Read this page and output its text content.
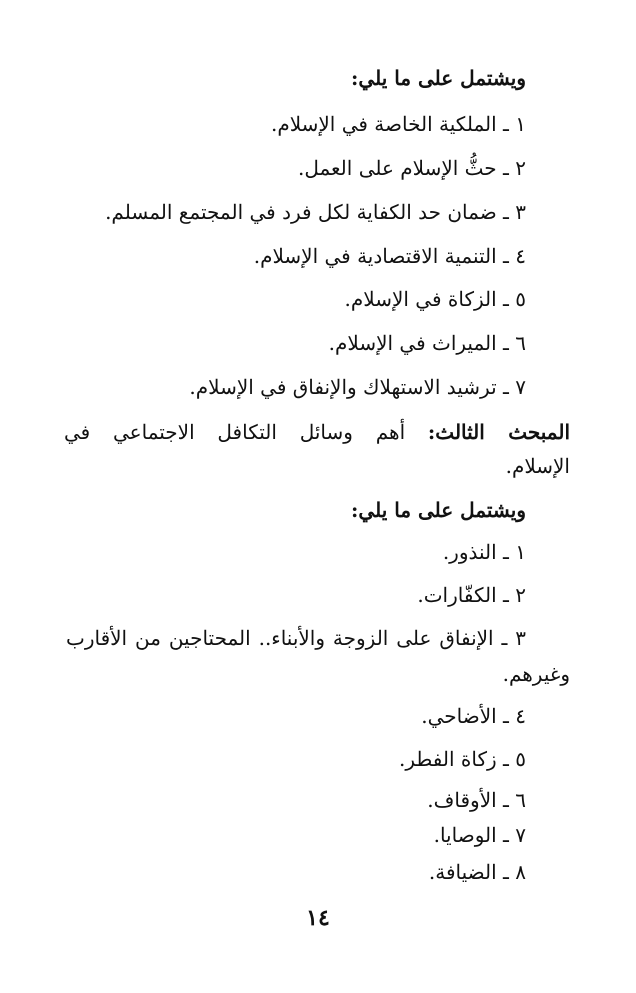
ويشتمل على ما يلي:
١ ـ الملكية الخاصة في الإسلام.
٢ ـ حثُّ الإسلام على العمل.
٣ ـ ضمان حد الكفاية لكل فرد في المجتمع المسلم.
٤ ـ التنمية الاقتصادية في الإسلام.
٥ ـ الزكاة في الإسلام.
٦ ـ الميراث في الإسلام.
٧ ـ ترشيد الاستهلاك والإنفاق في الإسلام.
المبحث الثالث: أهم وسائل التكافل الاجتماعي في
الإسلام.
ويشتمل على ما يلي:
١ ـ النذور.
٢ ـ الكفّارات.
٣ ـ الإنفاق على الزوجة والأبناء.. المحتاجين من الأقارب
وغيرهم.
٤ ـ الأضاحي.
٥ ـ زكاة الفطر.
٦ ـ الأوقاف.
٧ ـ الوصايا.
٨ ـ الضيافة.
١٤
